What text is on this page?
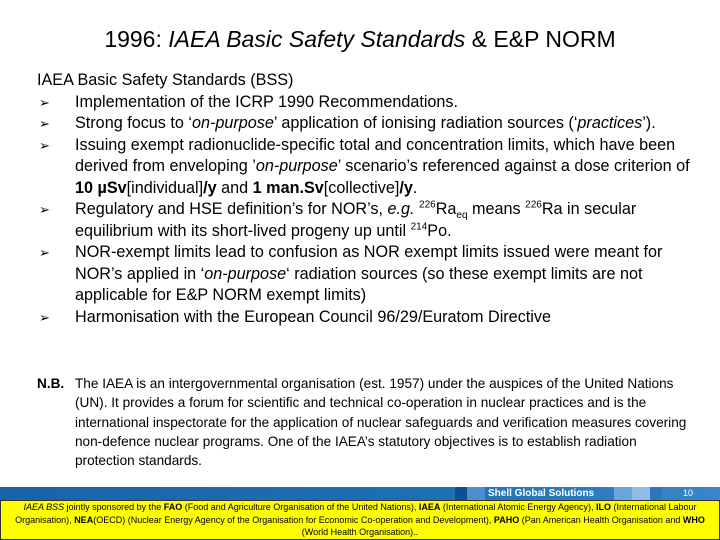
1996: IAEA Basic Safety Standards & E&P NORM
IAEA Basic Safety Standards (BSS)
➢ Implementation of the ICRP 1990 Recommendations.
➢ Strong focus to ‘on-purpose’ application of ionising radiation sources (‘practices’).
➢ Issuing exempt radionuclide-specific total and concentration limits, which have been derived from enveloping ’on-purpose’ scenario’s referenced against a dose criterion of 10 µSv[individual]/y and 1 man.Sv[collective]/y.
➢ Regulatory and HSE definition’s for NOR’s, e.g. $^{226}Ra_{eq}$ means $^{226}$Ra in secular equilibrium with its short-lived progeny up until $^{214}$Po.
➢ NOR-exempt limits lead to confusion as NOR exempt limits issued were meant for NOR’s applied in ‘on-purpose‘ radiation sources (so these exempt limits are not applicable for E&P NORM exempt limits)
➢ Harmonisation with the European Council 96/29/Euratom Directive
N.B. The IAEA is an intergovernmental organisation (est. 1957) under the auspices of the United Nations (UN). It provides a forum for scientific and technical co-operation in nuclear practices and is the international inspectorate for the application of nuclear safeguards and verification measures covering non-defence nuclear programs. One of the IAEA’s statutory objectives is to establish radiation protection standards.
Shell Global Solutions	10
IAEA BSS jointly sponsored by the FAO (Food and Agriculture Organisation of the United Nations), IAEA (International Atomic Energy Agency), ILO (International Labour Organisation), NEA(OECD) (Nuclear Energy Agency of the Organisation for Economic Co-operation and Development), PAHO (Pan American Health Organisation and WHO (World Health Organisation)..
